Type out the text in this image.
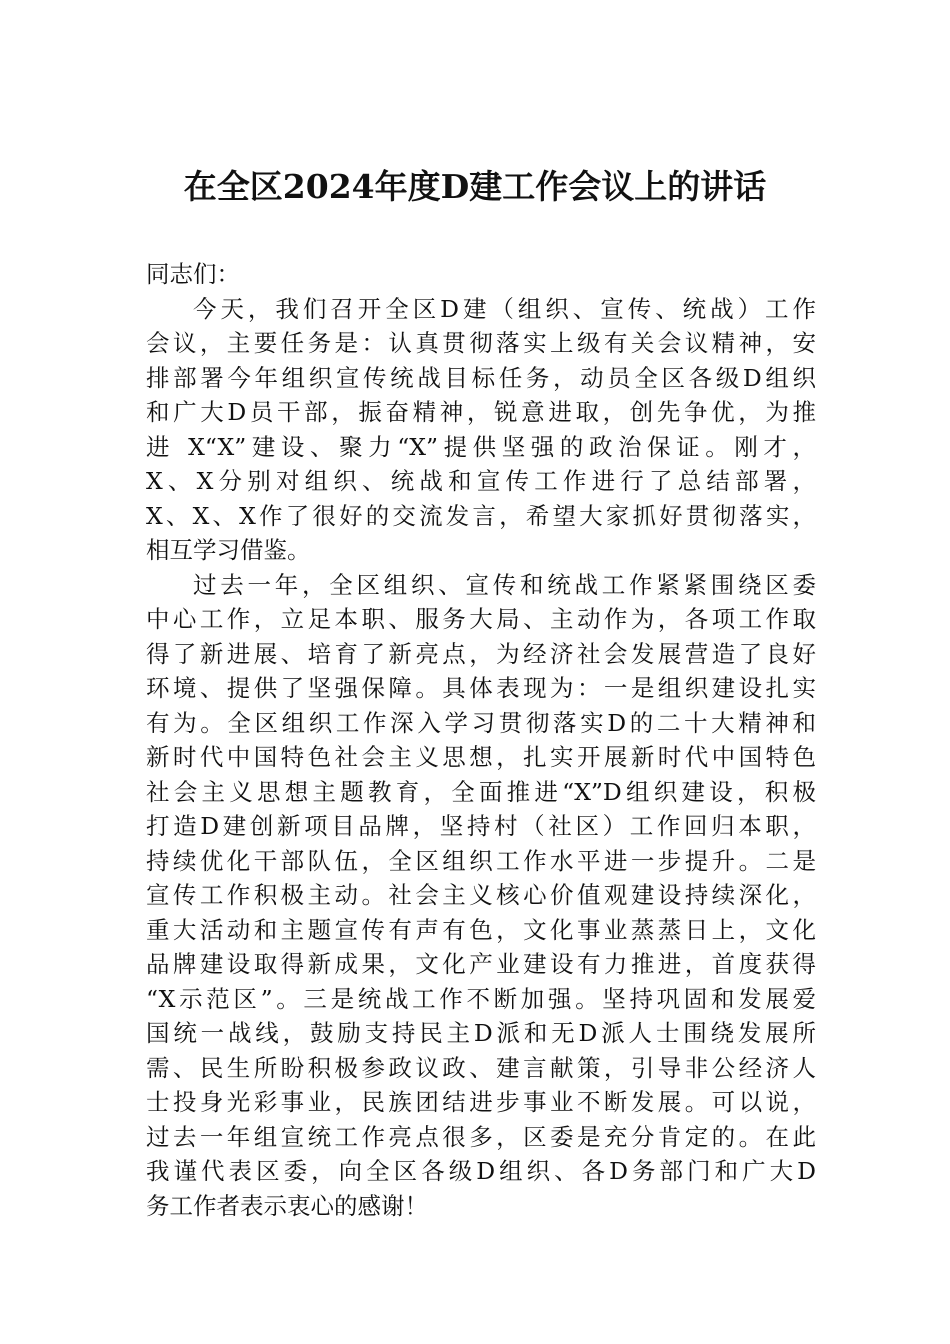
在全区2024年度D建工作会议上的讲话
同志们：
今天，我们召开全区D建（组织、宣传、统战）工作
会议，主要任务是：认真贯彻落实上级有关会议精神，安
排部署今年组织宣传统战目标任务，动员全区各级D组织
和广大D员干部，振奋精神，锐意进取，创先争优，为推
进 X“X”建设、聚力“X”提供坚强的政治保证。刚才，
X、X分别对组织、统战和宣传工作进行了总结部署，
X、X、X作了很好的交流发言，希望大家抓好贯彻落实，
相互学习借鉴。
过去一年，全区组织、宣传和统战工作紧紧围绕区委
中心工作，立足本职、服务大局、主动作为，各项工作取
得了新进展、培育了新亮点，为经济社会发展营造了良好
环境、提供了坚强保障。具体表现为：一是组织建设扎实
有为。全区组织工作深入学习贯彻落实D的二十大精神和
新时代中国特色社会主义思想，扎实开展新时代中国特色
社会主义思想主题教育，全面推进“X”D组织建设，积极
打造D建创新项目品牌，坚持村（社区）工作回归本职，
持续优化干部队伍，全区组织工作水平进一步提升。二是
宣传工作积极主动。社会主义核心价值观建设持续深化，
重大活动和主题宣传有声有色，文化事业蒸蒸日上，文化
品牌建设取得新成果，文化产业建设有力推进，首度获得
“X示范区”。三是统战工作不断加强。坚持巩固和发展爱
国统一战线，鼓励支持民主D派和无D派人士围绕发展所
需、民生所盼积极参政议政、建言献策，引导非公经济人
士投身光彩事业，民族团结进步事业不断发展。可以说，
过去一年组宣统工作亮点很多，区委是充分肯定的。在此
我谨代表区委，向全区各级D组织、各D务部门和广大D
务工作者表示衷心的感谢！
